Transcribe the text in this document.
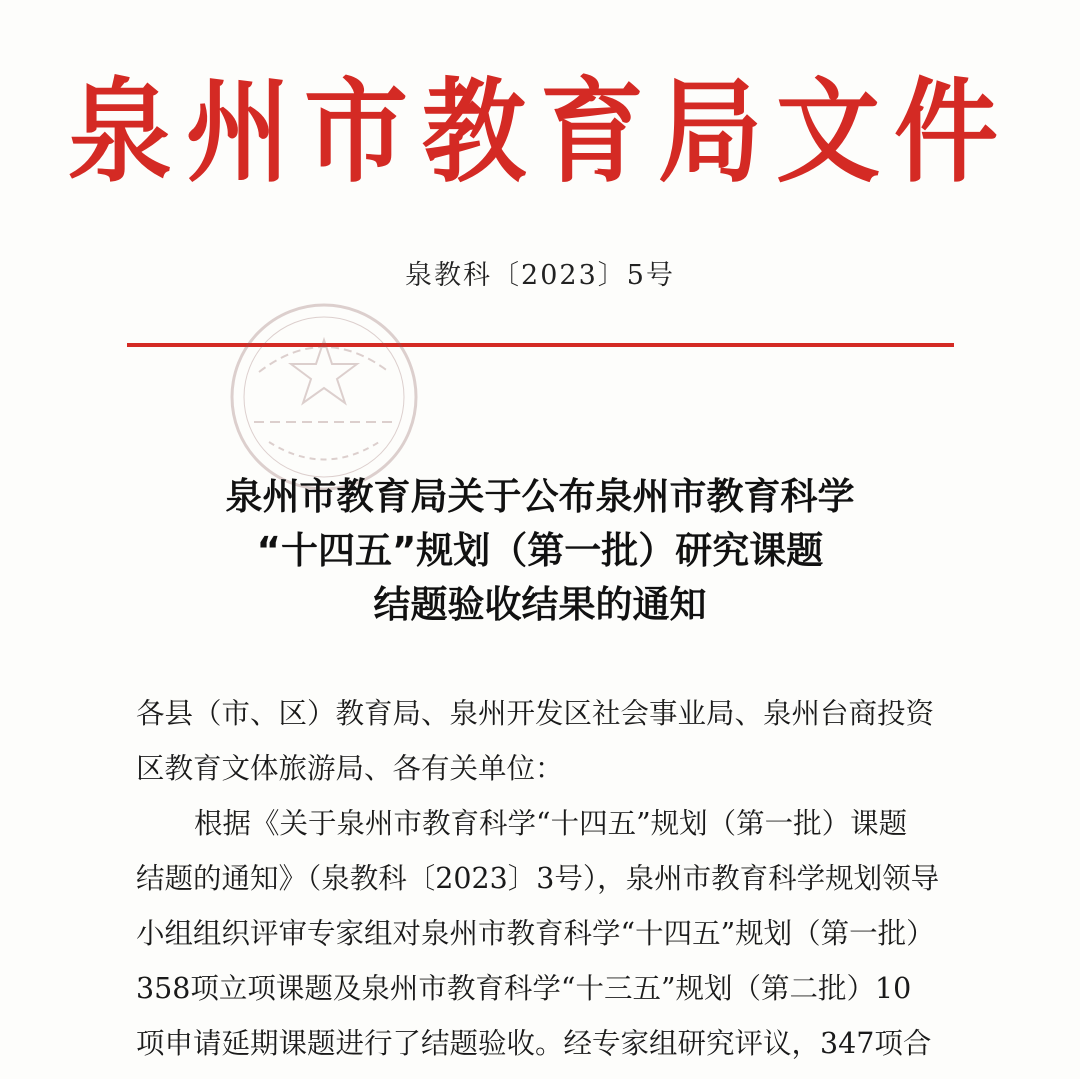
泉州市教育局文件
泉教科〔2023〕5号
泉州市教育局关于公布泉州市教育科学
“十四五”规划（第一批）研究课题
结题验收结果的通知
各县（市、区）教育局、泉州开发区社会事业局、泉州台商投资
区教育文体旅游局、各有关单位：
根据《关于泉州市教育科学“十四五”规划（第一批）课题
结题的通知》（泉教科〔2023〕3号），泉州市教育科学规划领导
小组组织评审专家组对泉州市教育科学“十四五”规划（第一批）
358项立项课题及泉州市教育科学“十三五”规划（第二批）10
项申请延期课题进行了结题验收。经专家组研究评议，347项合
